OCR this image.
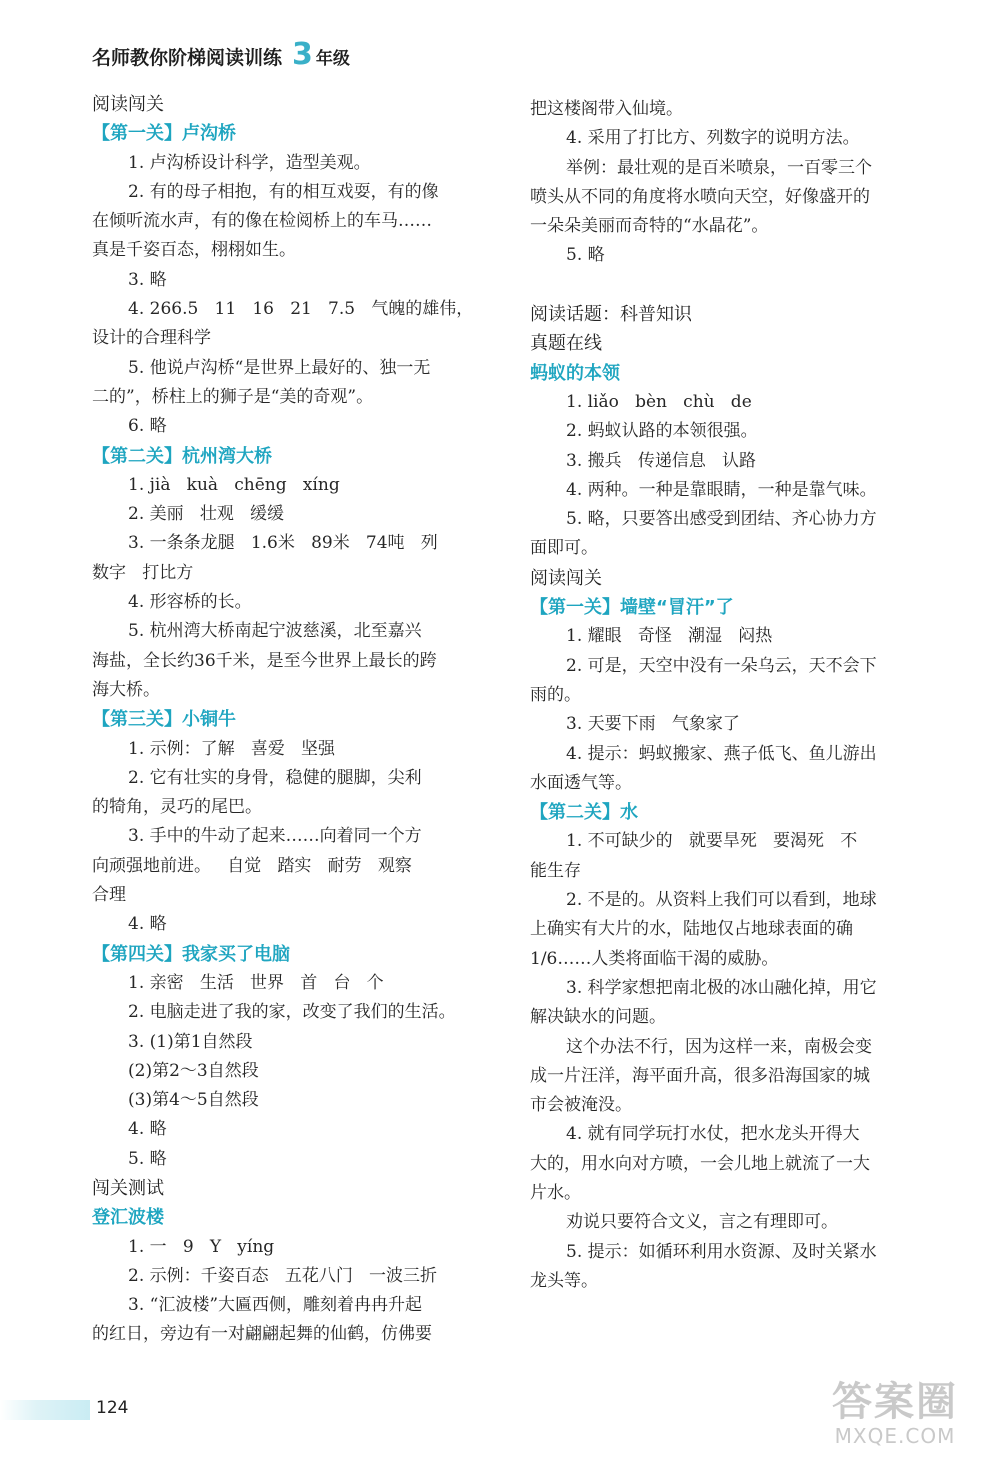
名师教你阶梯阅读训练 3 年级
阅读闯关
【第一关】卢沟桥
1. 卢沟桥设计科学，造型美观。
2. 有的母子相抱，有的相互戏耍，有的像
在倾听流水声，有的像在检阅桥上的车马……
真是千姿百态，栩栩如生。
3. 略
4. 266.5   11   16   21   7.5   气魄的雄伟，
设计的合理科学
5. 他说卢沟桥“是世界上最好的、独一无
二的”，桥柱上的狮子是“美的奇观”。
6. 略
【第二关】杭州湾大桥
1. jià   kuà   chēng   xíng
2. 美丽   壮观   缓缓
3. 一条条龙腿   1.6米   89米   74吨   列
数字   打比方
4. 形容桥的长。
5. 杭州湾大桥南起宁波慈溪，北至嘉兴
海盐，全长约36千米，是至今世界上最长的跨
海大桥。
【第三关】小铜牛
1. 示例：了解   喜爱   坚强
2. 它有壮实的身骨，稳健的腿脚，尖利
的犄角，灵巧的尾巴。
3. 手中的牛动了起来……向着同一个方
向顽强地前进。   自觉   踏实   耐劳   观察
合理
4. 略
【第四关】我家买了电脑
1. 亲密   生活   世界   首   台   个
2. 电脑走进了我的家，改变了我们的生活。
3. (1)第1自然段
(2)第2～3自然段
(3)第4～5自然段
4. 略
5. 略
闯关测试
登汇波楼
1. 一   9   Y   yíng
2. 示例：千姿百态   五花八门   一波三折
3. “汇波楼”大匾西侧，雕刻着冉冉升起
的红日，旁边有一对翩翩起舞的仙鹤，仿佛要
把这楼阁带入仙境。
4. 采用了打比方、列数字的说明方法。
举例：最壮观的是百米喷泉，一百零三个
喷头从不同的角度将水喷向天空，好像盛开的
一朵朵美丽而奇特的“水晶花”。
5. 略
阅读话题：科普知识
真题在线
蚂蚁的本领
1. liǎo   bèn   chù   de
2. 蚂蚁认路的本领很强。
3. 搬兵   传递信息   认路
4. 两种。一种是靠眼睛，一种是靠气味。
5. 略，只要答出感受到团结、齐心协力方
面即可。
阅读闯关
【第一关】墙壁“冒汗”了
1. 耀眼   奇怪   潮湿   闷热
2. 可是，天空中没有一朵乌云，天不会下
雨的。
3. 天要下雨   气象家了
4. 提示：蚂蚁搬家、燕子低飞、鱼儿游出
水面透气等。
【第二关】水
1. 不可缺少的   就要旱死   要渴死   不
能生存
2. 不是的。从资料上我们可以看到，地球
上确实有大片的水，陆地仅占地球表面的确
1/6……人类将面临干渴的威胁。
3. 科学家想把南北极的冰山融化掉，用它
解决缺水的问题。
这个办法不行，因为这样一来，南极会变
成一片汪洋，海平面升高，很多沿海国家的城
市会被淹没。
4. 就有同学玩打水仗，把水龙头开得大
大的，用水向对方喷，一会儿地上就流了一大
片水。
劝说只要符合文义，言之有理即可。
5. 提示：如循环利用水资源、及时关紧水
龙头等。
124	答案圈
MXQE.COM
